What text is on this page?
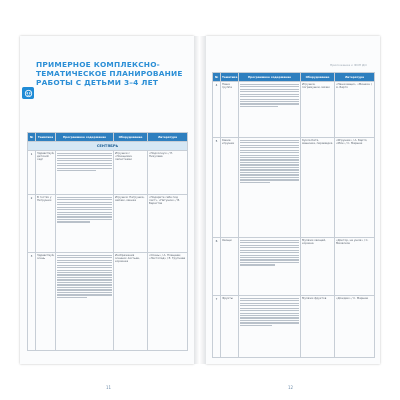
ПРИМЕРНОЕ КОМПЛЕКСНО-
ТЕМАТИЧЕСКОЕ ПЛАНИРОВАНИЕ
РАБОТЫ С ДЕТЬМИ 3–4 ЛЕТ
№	Тематика	Программное содержание	Оборудование	Литература
СЕНТЯБРЬ				
1	Здравствуй, детский сад!		Игрушки с «Поющими» лепестками	«Подсолнух» / Н. Пикулева
2	В гостях у Петрушки		Игрушки: Петрушка, зайчик, мишка	«Подарите себе под лист», «Петушок» / В. Берестов
3	Здравствуй, осень		Изображения осенних листьев, корзинка	«Осень» / А. Плещеев; «Листопад» / Е. Трутнева
Приложение к ФОП ДО
№	Тематика	Программное содержание	Оборудование	Литература
4	Наша группа		Игрушки, погремушки, мячик	«Наши вещи», «Мишка» / А. Барто
5	Какие игрушки		Кукла Катя, машинка, пирамидка	«Игрушки» / А. Барто; «Мяч» / С. Маршак
6	Овощи		Муляжи овощей, корзина	«Доктор, не ушла» / С. Михалков
7	Фрукты		Муляжи фруктов	«Дождик» / С. Маршак
11	12
